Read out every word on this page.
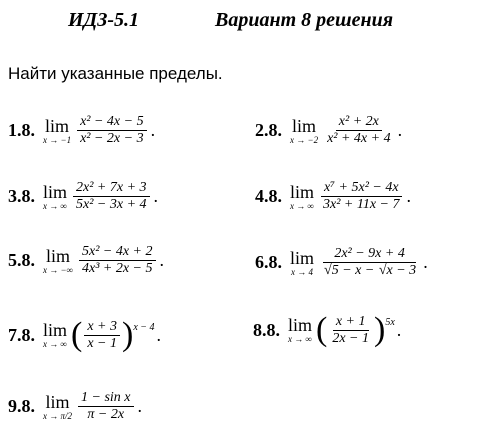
ИДЗ-5.1	Вариант 8 решения
Найти указанные пределы.
1.8. lim
$x \to -1 \frac{\text{x² − 4x − 5}}{\text{x² − 2x − 3}}$ .	2.8. lim
$x \to -2 \frac{\text{x² + 2x}}{\text{x² + 4x + 4}}$ .
3.8. lim
x → ∞ $\frac{\text{2x² + 7x + 3}}{\text{5x² − 3x + 4}}$ .	4.8. lim
x → ∞ $\frac{\text{x⁷ + 5x² − 4x}}{\text{3x² + 11x − 7}}$ .
5.8. lim
x → −∞ $\frac{\text{5x² − 4x + 2}}{\text{4x³ + 2x − 5}}$ .	6.8. lim
$x \to 4 \frac{\text{2x² − 9x + 4}}{√5 - x - √x - 3}$ .
7.8. lim
x → ∞ ( $\frac{x + 3}{x - 1}$ ) x − 4 .	8.8. lim
x → ∞ ( $\frac{x + 1}{2x - 1}$ ) 5x .
9.8. lim
$x \to \pi/2 \frac{\text{1 − sin x}}{\pi - 2x}$ .
